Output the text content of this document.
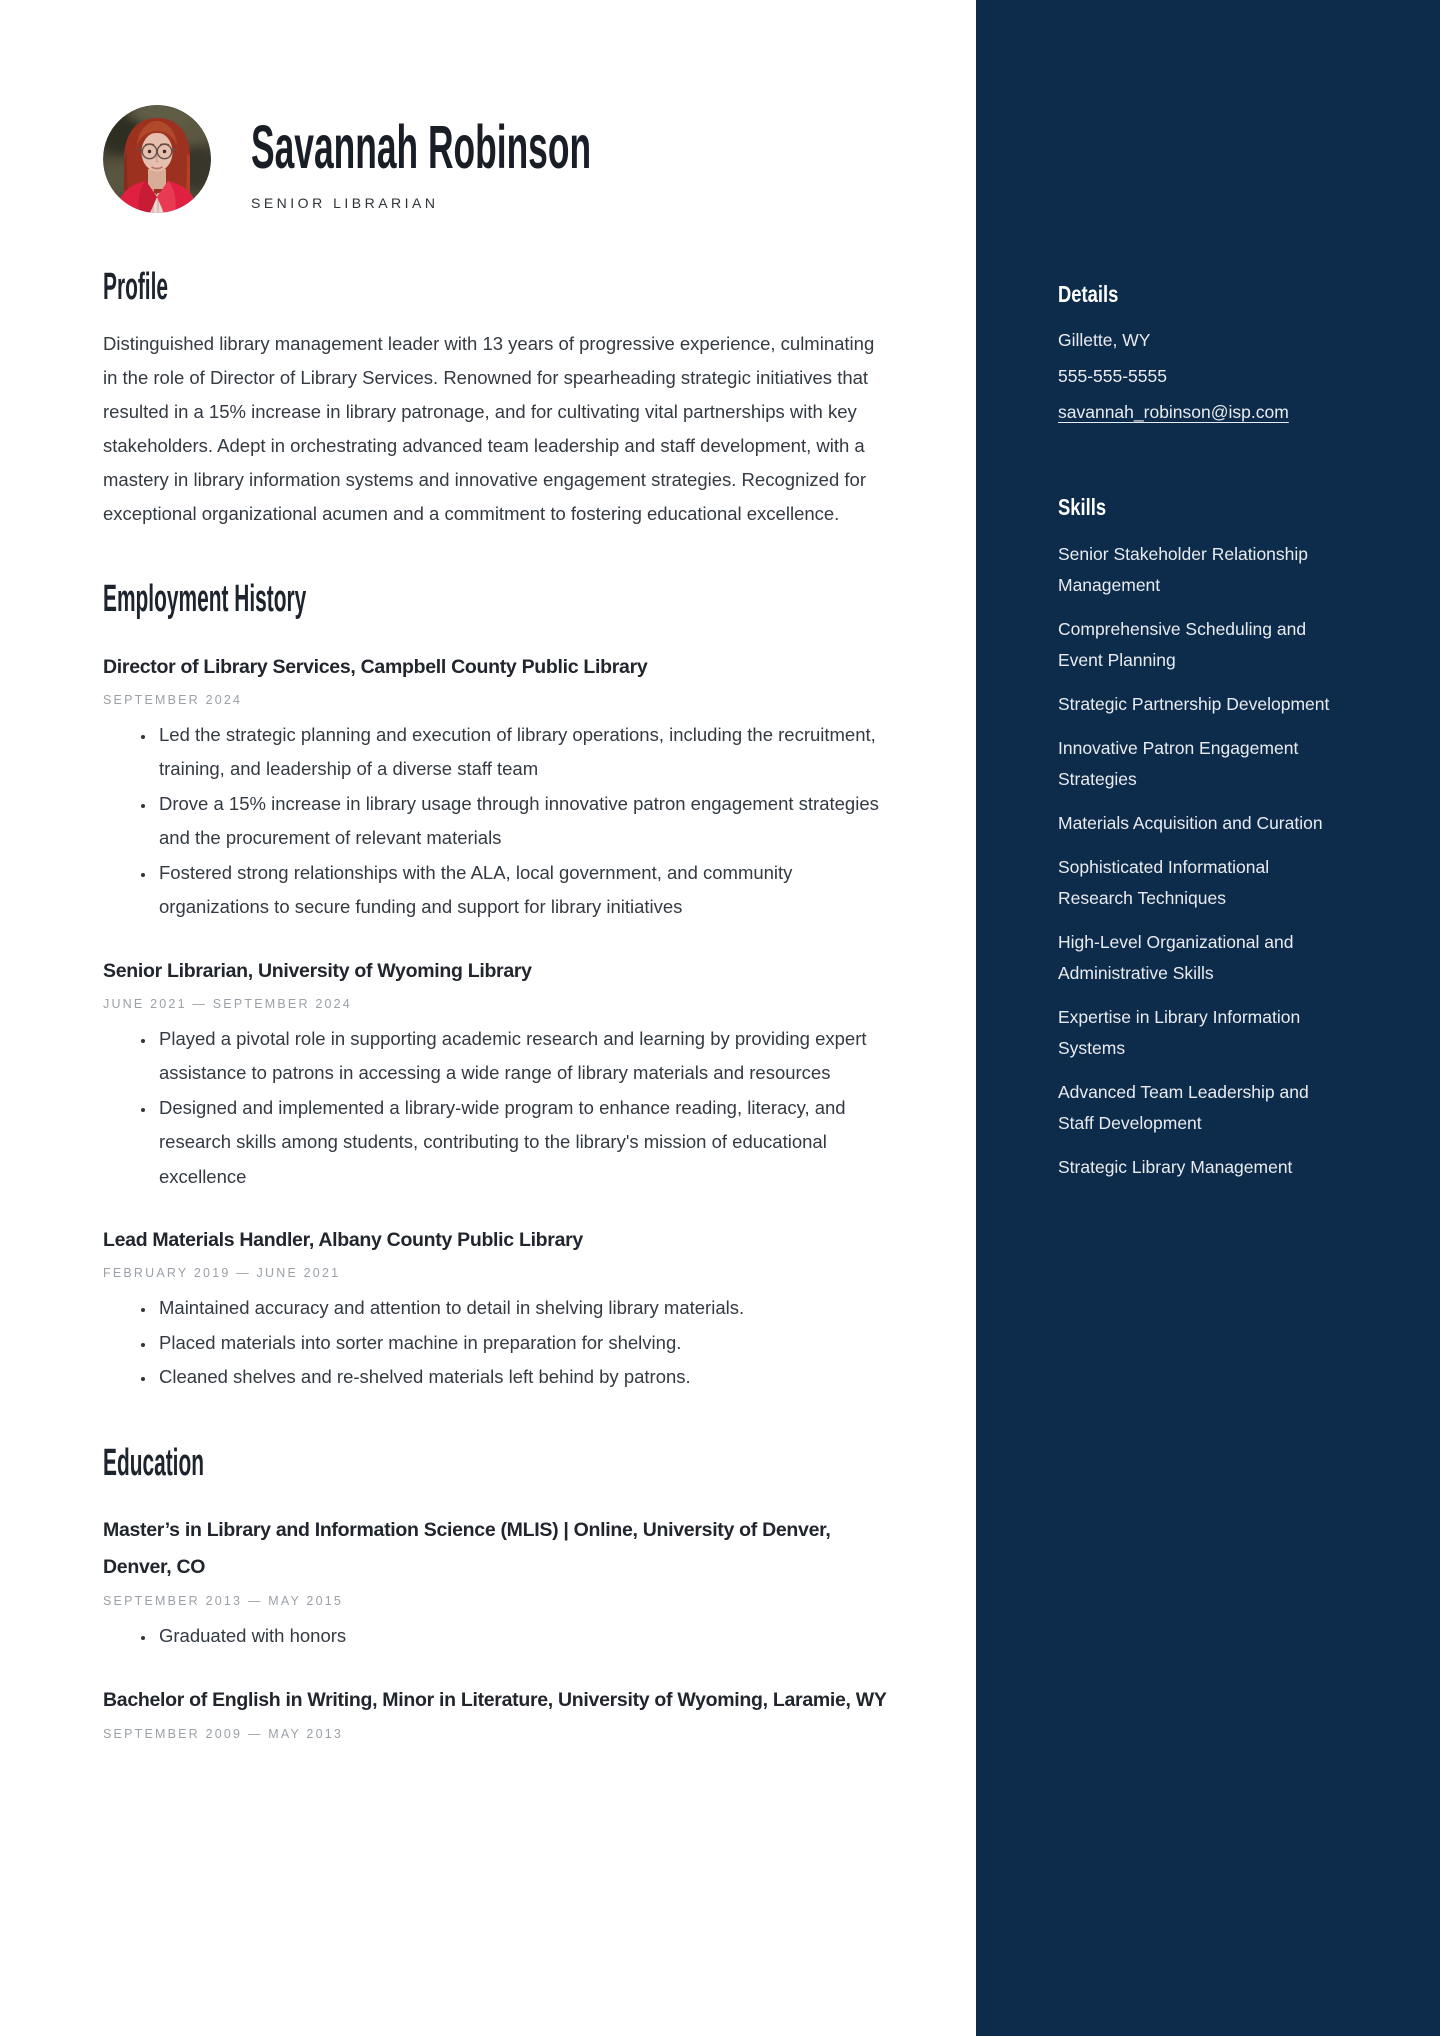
Savannah Robinson
SENIOR LIBRARIAN
Profile

Distinguished library management leader with 13 years of progressive experience, culminating in the role of Director of Library Services. Renowned for spearheading strategic initiatives that resulted in a 15% increase in library patronage, and for cultivating vital partnerships with key stakeholders. Adept in orchestrating advanced team leadership and staff development, with a mastery in library information systems and innovative engagement strategies. Recognized for exceptional organizational acumen and a commitment to fostering educational excellence.

Employment History
Director of Library Services, Campbell County Public Library
SEPTEMBER 2024
• Led the strategic planning and execution of library operations, including the recruitment, training, and leadership of a diverse staff team
• Drove a 15% increase in library usage through innovative patron engagement strategies and the procurement of relevant materials
• Fostered strong relationships with the ALA, local government, and community organizations to secure funding and support for library initiatives
Senior Librarian, University of Wyoming Library
JUNE 2021 — SEPTEMBER 2024
• Played a pivotal role in supporting academic research and learning by providing expert assistance to patrons in accessing a wide range of library materials and resources
• Designed and implemented a library-wide program to enhance reading, literacy, and research skills among students, contributing to the library's mission of educational excellence
Lead Materials Handler, Albany County Public Library
FEBRUARY 2019 — JUNE 2021
• Maintained accuracy and attention to detail in shelving library materials.
• Placed materials into sorter machine in preparation for shelving.
• Cleaned shelves and re-shelved materials left behind by patrons.
Education
Master’s in Library and Information Science (MLIS) | Online, University of Denver, Denver, CO
SEPTEMBER 2013 — MAY 2015
• Graduated with honors
Bachelor of English in Writing, Minor in Literature, University of Wyoming, Laramie, WY
SEPTEMBER 2009 — MAY 2013
Details
Gillette, WY
555-555-5555
savannah_robinson@isp.com
Skills
Senior Stakeholder Relationship Management
Comprehensive Scheduling and Event Planning
Strategic Partnership Development
Innovative Patron Engagement Strategies
Materials Acquisition and Curation
Sophisticated Informational Research Techniques
High-Level Organizational and Administrative Skills
Expertise in Library Information Systems
Advanced Team Leadership and Staff Development
Strategic Library Management
